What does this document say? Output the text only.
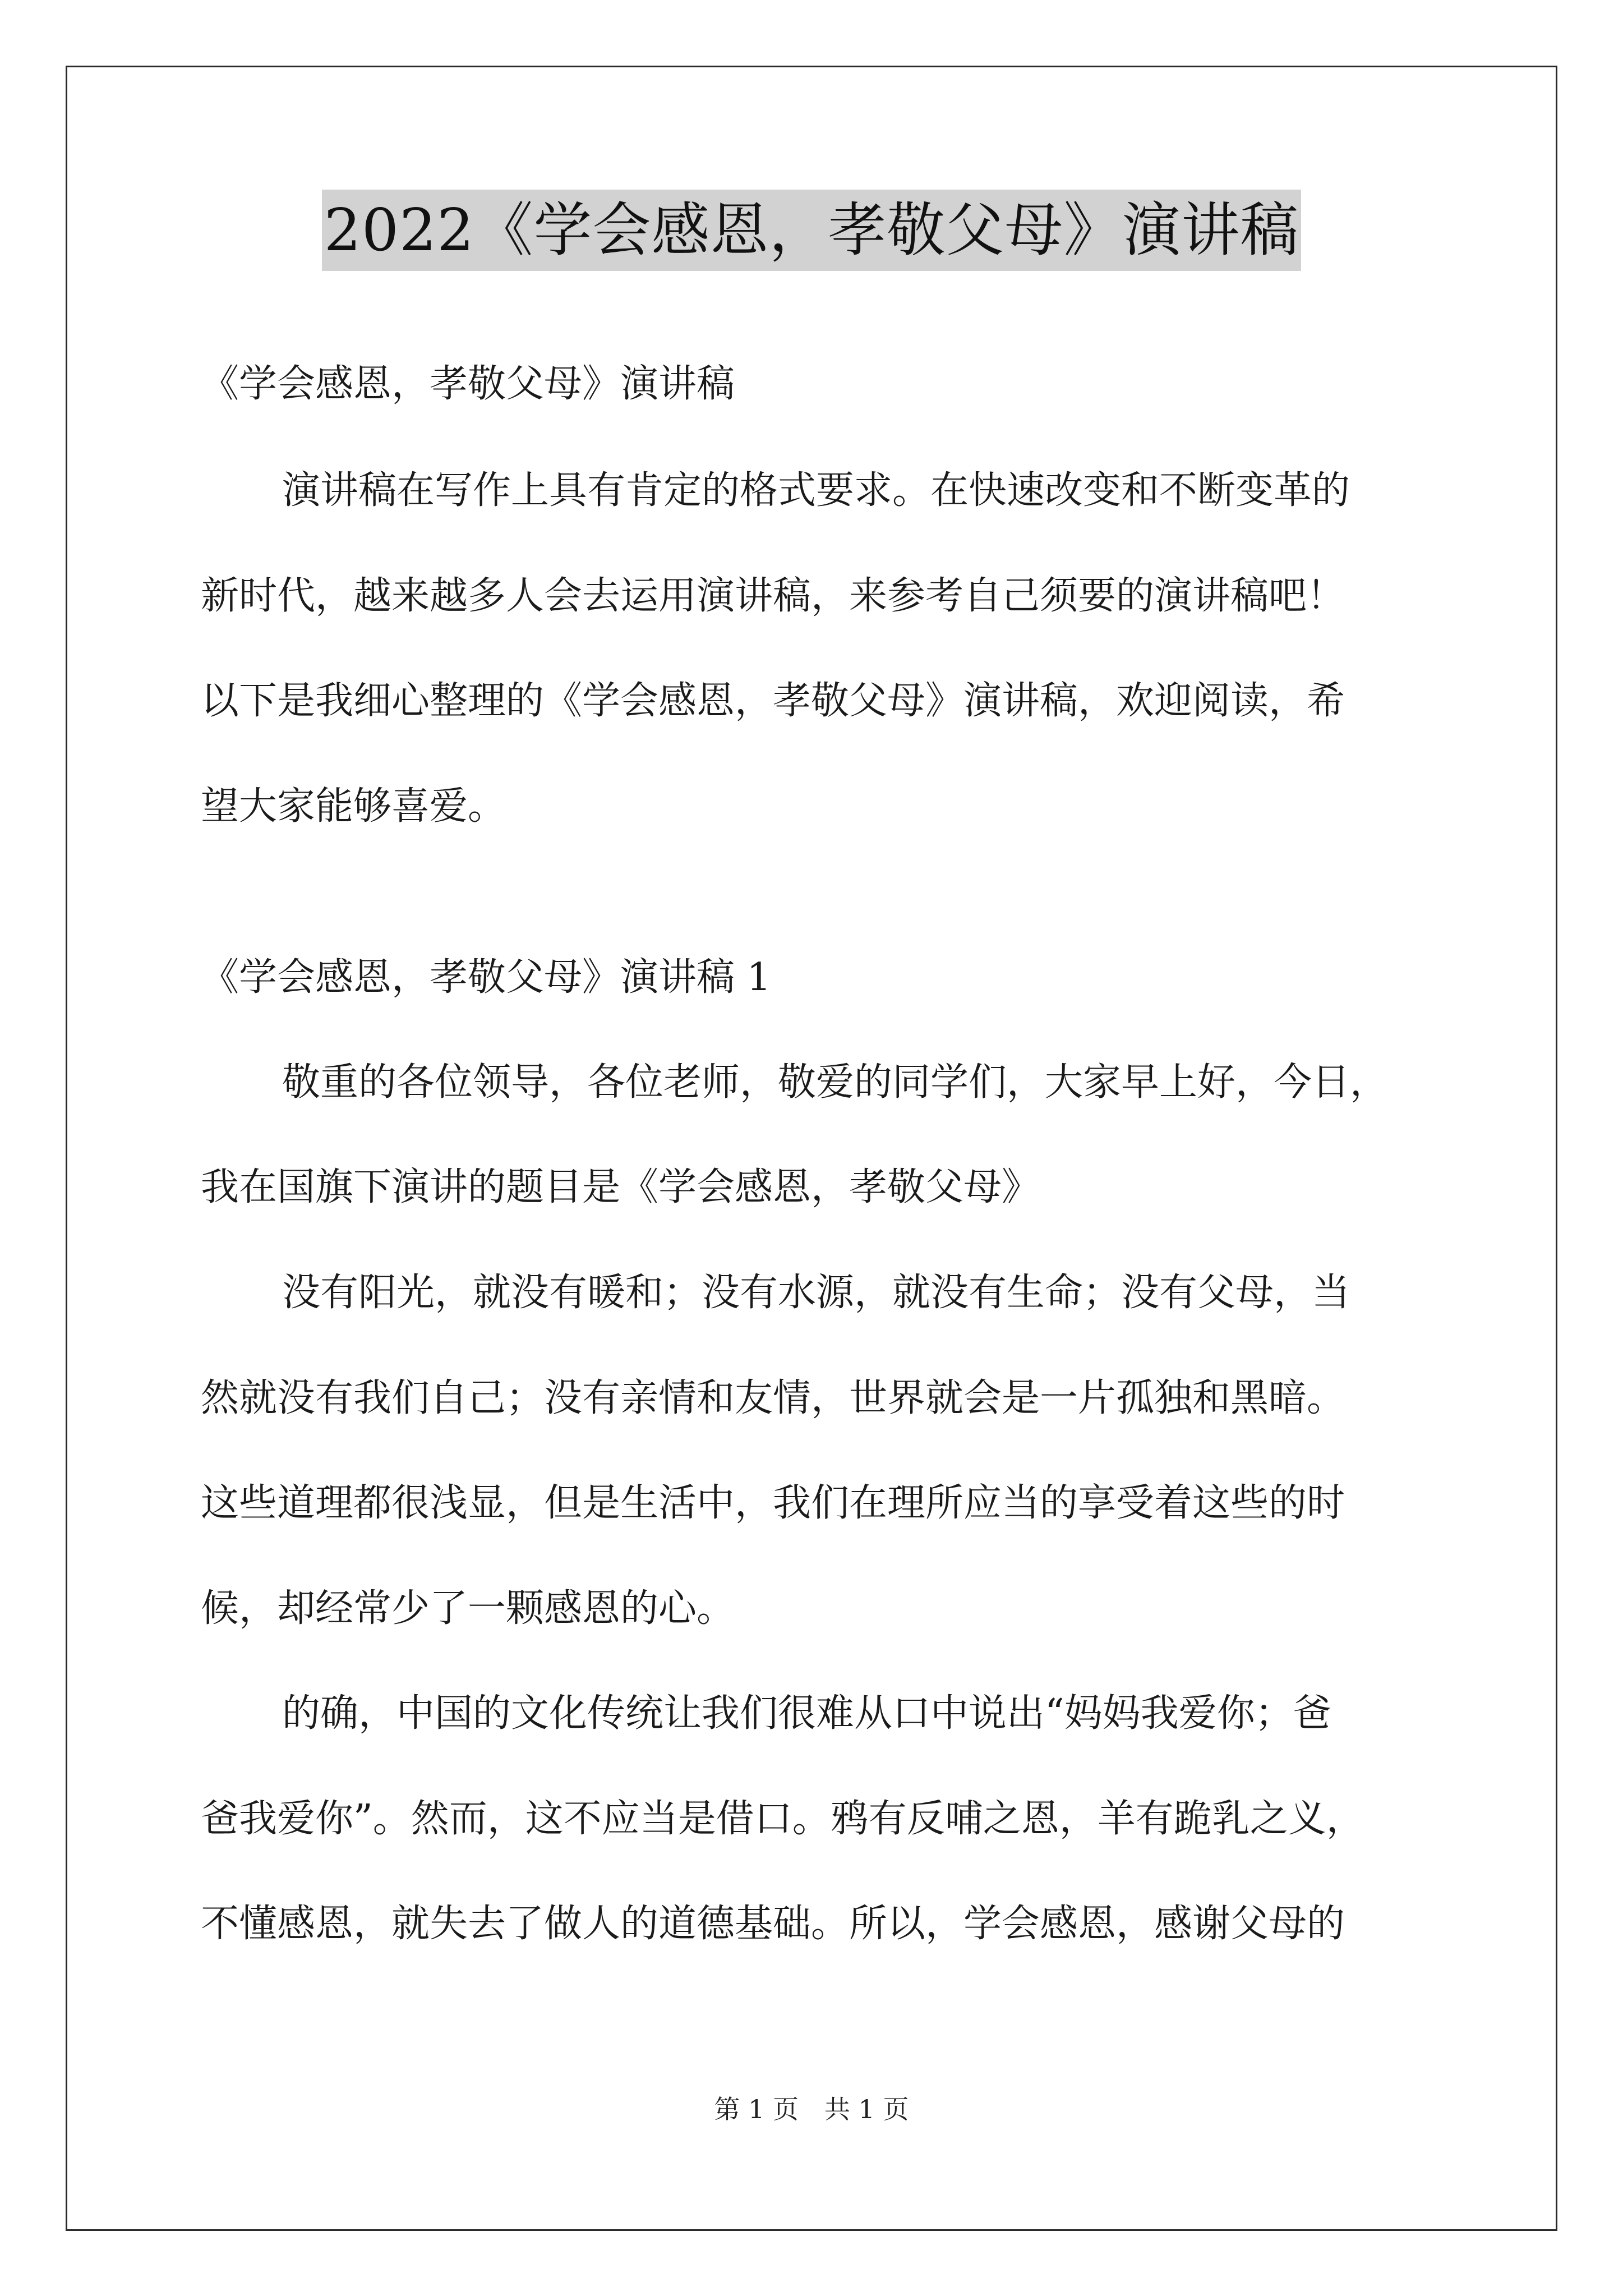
2022《学会感恩，孝敬父母》演讲稿
《学会感恩，孝敬父母》演讲稿
演讲稿在写作上具有肯定的格式要求。在快速改变和不断变革的
新时代，越来越多人会去运用演讲稿，来参考自己须要的演讲稿吧！
以下是我细心整理的《学会感恩，孝敬父母》演讲稿，欢迎阅读，希
望大家能够喜爱。
《学会感恩，孝敬父母》演讲稿 1
敬重的各位领导，各位老师，敬爱的同学们，大家早上好，今日，
我在国旗下演讲的题目是《学会感恩，孝敬父母》
没有阳光，就没有暖和；没有水源，就没有生命；没有父母，当
然就没有我们自己；没有亲情和友情，世界就会是一片孤独和黑暗。
这些道理都很浅显，但是生活中，我们在理所应当的享受着这些的时
候，却经常少了一颗感恩的心。
的确，中国的文化传统让我们很难从口中说出“妈妈我爱你；爸
爸我爱你”。然而，这不应当是借口。鸦有反哺之恩，羊有跪乳之义，
不懂感恩，就失去了做人的道德基础。所以，学会感恩，感谢父母的
第 1 页　共 1 页
